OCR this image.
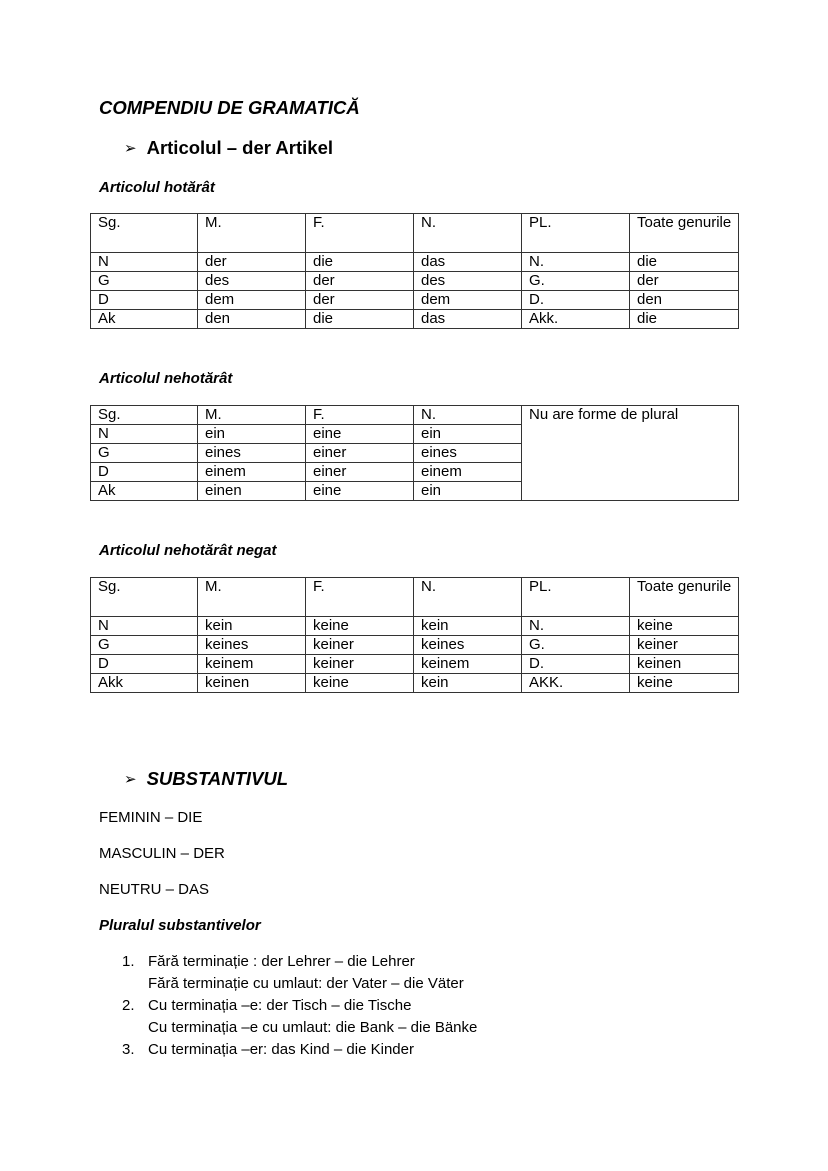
COMPENDIU DE GRAMATICĂ
➢ Articolul – der Artikel
Articolul hotărât
Sg.	M.	F.	N.	PL.	Toate genurile
N	der	die	das	N.	die
G	des	der	des	G.	der
D	dem	der	dem	D.	den
Ak	den	die	das	Akk.	die
Articolul nehotărât
Sg.	M.	F.	N.	Nu are forme de plural
N	ein	eine	ein	
G	eines	einer	eines	
D	einem	einer	einem	
Ak	einen	eine	ein	
Articolul nehotărât negat
Sg.	M.	F.	N.	PL.	Toate genurile
N	kein	keine	kein	N.	keine
G	keines	keiner	keines	G.	keiner
D	keinem	keiner	keinem	D.	keinen
Akk	keinen	keine	kein	AKK.	keine
➢ SUBSTANTIVUL
FEMININ – DIE
MASCULIN – DER
NEUTRU – DAS
Pluralul substantivelor
1. Fără terminație : der Lehrer – die Lehrer
Fără terminație cu umlaut: der Vater – die Väter
2. Cu terminația –e: der Tisch – die Tische
Cu terminația –e cu umlaut: die Bank – die Bänke
3. Cu terminația –er: das Kind – die Kinder
